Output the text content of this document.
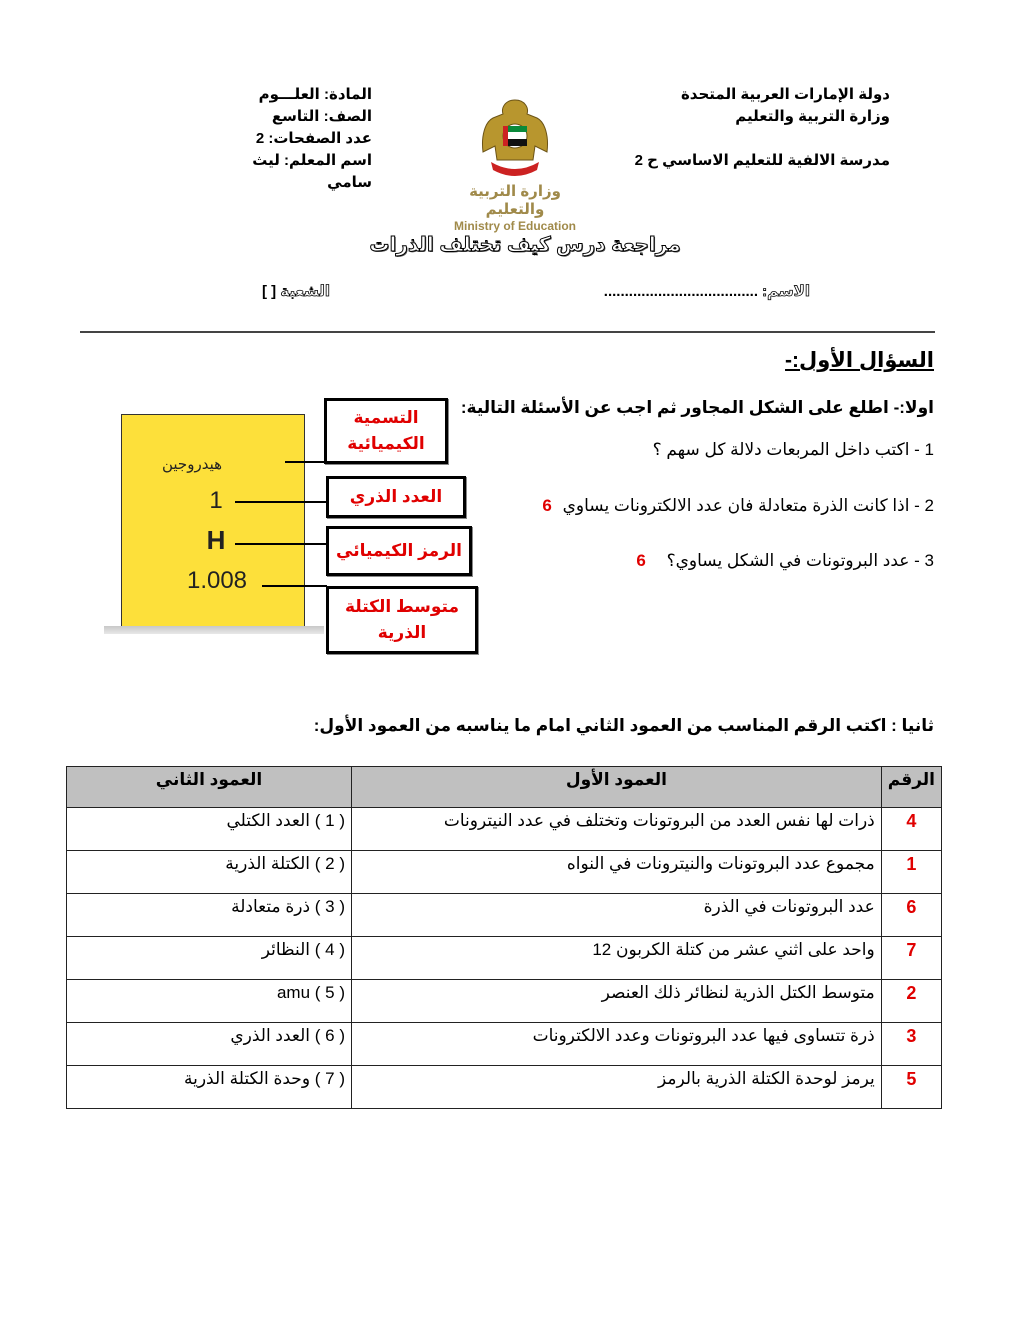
دولة الإمارات العربية المتحدة
وزارة التربية والتعليم
مدرسة الالفية للتعليم الاساسي ح 2
وزارة التربية والتعليم
Ministry of Education
المادة: العلـــوم
الصف: التاسع
عدد الصفحات: 2
اسم المعلم: ليث سامي
مراجعة درس كيف تختلف الذرات
الاسم: .....................................
الشعبة [ ]
السؤال الأول:-
اولا:- اطلع على الشكل المجاور ثم اجب عن الأسئلة التالية:
1 - اكتب داخل المربعات دلالة كل سهم ؟
2 - اذا كانت الذرة متعادلة فان عدد الالكترونات يساوي 6
3 - عدد البروتونات في الشكل يساوي؟ 6
هيدروجين
1
H
1.008
التسمية الكيميائية
العدد الذري
الرمز الكيميائي
متوسط الكتلة الذرية
ثانيا : اكتب الرقم المناسب من العمود الثاني امام ما يناسبه من العمود الأول:
الرقم	العمود الأول	العمود الثاني
4	ذرات لها نفس العدد من البروتونات وتختلف في عدد النيترونات	( 1 ) العدد الكتلي
1	مجموع عدد البروتونات والنيترونات في النواه	( 2 ) الكتلة الذرية
6	عدد البروتونات في الذرة	( 3 ) ذرة متعادلة
7	واحد على اثني عشر من كتلة الكربون 12	( 4 ) النظائر
2	متوسط الكتل الذرية لنظائر ذلك العنصر	( 5 ) amu
3	ذرة تتساوى فيها عدد البروتونات وعدد الالكترونات	( 6 ) العدد الذري
5	يرمز لوحدة الكتلة الذرية بالرمز	( 7 ) وحدة الكتلة الذرية
